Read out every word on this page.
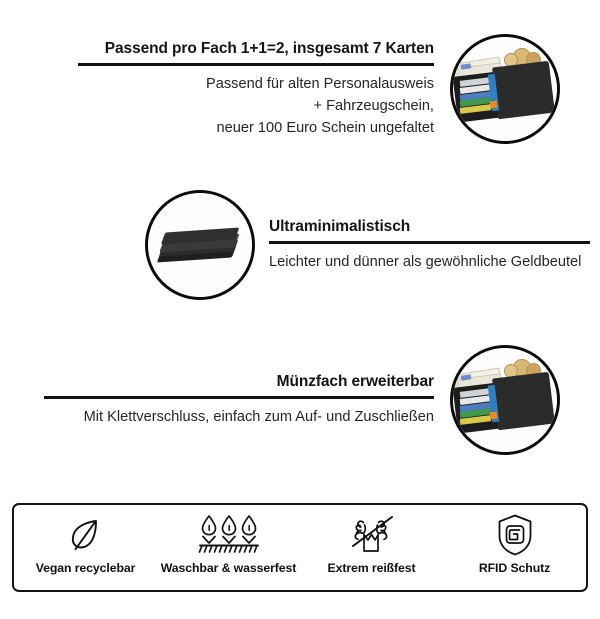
Passend pro Fach 1+1=2, insgesamt 7 Karten
Passend für alten Personalausweis
+ Fahrzeugschein,
neuer 100 Euro Schein ungefaltet
Ultraminimalistisch
Leichter und dünner als gewöhnliche Geldbeutel
Münzfach erweiterbar
Mit Klettverschluss, einfach zum Auf- und Zuschließen
Vegan recyclebar Waschbar & wasserfest	Extrem reißfest	RFID Schutz
